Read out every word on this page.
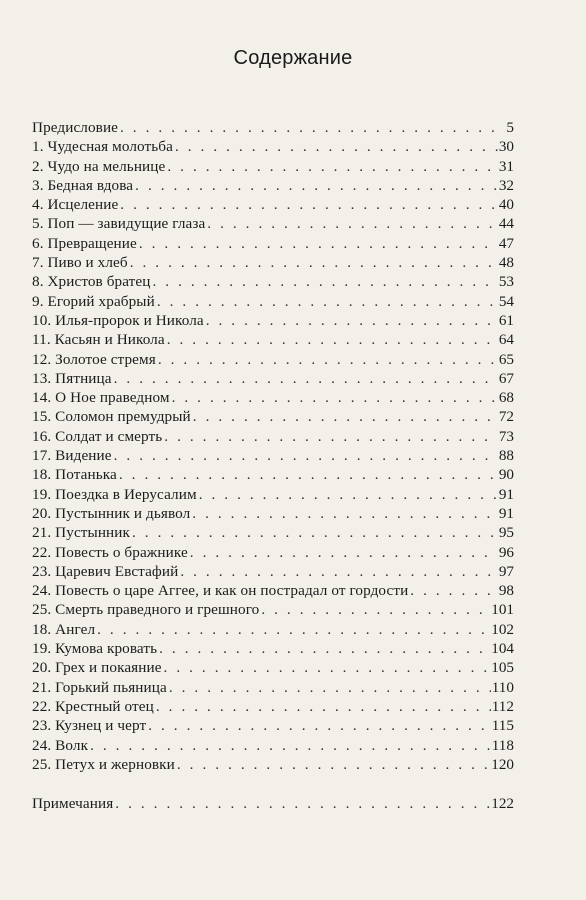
Содержание
Предисловие . . .	5
1. Чудесная молотьба . . .	30
2. Чудо на мельнице . . .	31
3. Бедная вдова . . .	32
4. Исцеление . . .	40
5. Поп — завидущие глаза . . .	44
6. Превращение . . .	47
7. Пиво и хлеб . . .	48
8. Христов братец . . .	53
9. Егорий храбрый . . .	54
10. Илья-пророк и Никола . . .	61
11. Касьян и Никола . . .	64
12. Золотое стремя . . .	65
13. Пятница . . .	67
14. О Ное праведном . . .	68
15. Соломон премудрый . . .	72
16. Солдат и смерть . . .	73
17. Видение . . .	88
18. Потанька . . .	90
19. Поездка в Иерусалим . . .	91
20. Пустынник и дьявол . . .	91
21. Пустынник . . .	95
22. Повесть о бражнике . . .	96
23. Царевич Евстафий . . .	97
24. Повесть о царе Аггее, и как он пострадал от гордости . . .	98
25. Смерть праведного и грешного . . .	101
18. Ангел . . .	102
19. Кумова кровать . . .	104
20. Грех и покаяние . . .	105
21. Горький пьяница . . .	110
22. Крестный отец . . .	112
23. Кузнец и черт . . .	115
24. Волк . . .	118
25. Петух и жерновки . . .	120
Примечания . . .	122
